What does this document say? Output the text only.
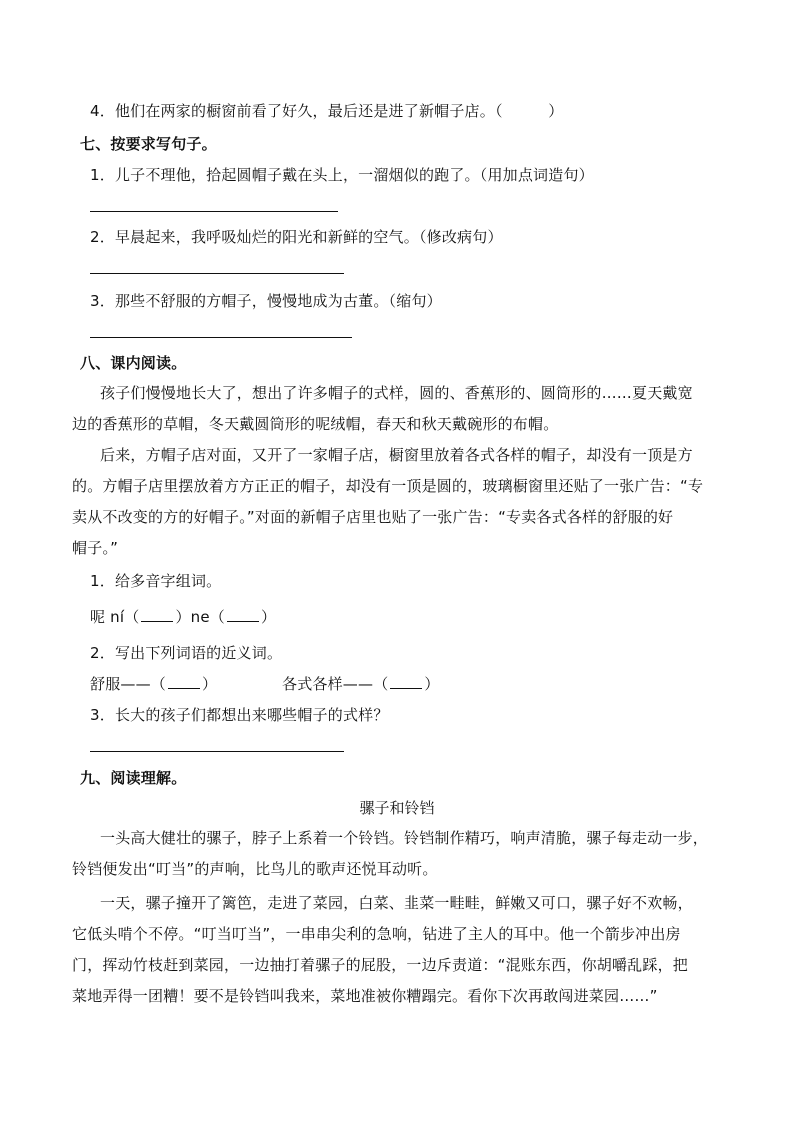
4．他们在两家的橱窗前看了好久，最后还是进了新帽子店。（　　　）
七、按要求写句子。
1．儿子不理他，拾起圆帽子戴在头上，一溜烟似的跑了。（用加点词造句）
2．早晨起来，我呼吸灿烂的阳光和新鲜的空气。（修改病句）
3．那些不舒服的方帽子，慢慢地成为古董。（缩句）
八、课内阅读。
孩子们慢慢地长大了，想出了许多帽子的式样，圆的、香蕉形的、圆筒形的……夏天戴宽
边的香蕉形的草帽，冬天戴圆筒形的呢绒帽，春天和秋天戴碗形的布帽。
后来，方帽子店对面，又开了一家帽子店，橱窗里放着各式各样的帽子，却没有一顶是方
的。方帽子店里摆放着方方正正的帽子，却没有一顶是圆的，玻璃橱窗里还贴了一张广告：“专
卖从不改变的方的好帽子。”对面的新帽子店里也贴了一张广告：“专卖各式各样的舒服的好
帽子。”
1．给多音字组词。
呢 ní（ ）ne（ ）
2．写出下列词语的近义词。
舒服——（ ）	各式各样——（ ）
3．长大的孩子们都想出来哪些帽子的式样？
九、阅读理解。
骡子和铃铛
一头高大健壮的骡子，脖子上系着一个铃铛。铃铛制作精巧，响声清脆，骡子每走动一步，
铃铛便发出“叮当”的声响，比鸟儿的歌声还悦耳动听。
一天，骡子撞开了篱笆，走进了菜园，白菜、韭菜一畦畦，鲜嫩又可口，骡子好不欢畅，
它低头啃个不停。“叮当叮当”，一串串尖利的急响，钻进了主人的耳中。他一个箭步冲出房
门，挥动竹枝赶到菜园，一边抽打着骡子的屁股，一边斥责道：“混账东西，你胡嚼乱踩，把
菜地弄得一团糟！要不是铃铛叫我来，菜地准被你糟蹋完。看你下次再敢闯进菜园……”
